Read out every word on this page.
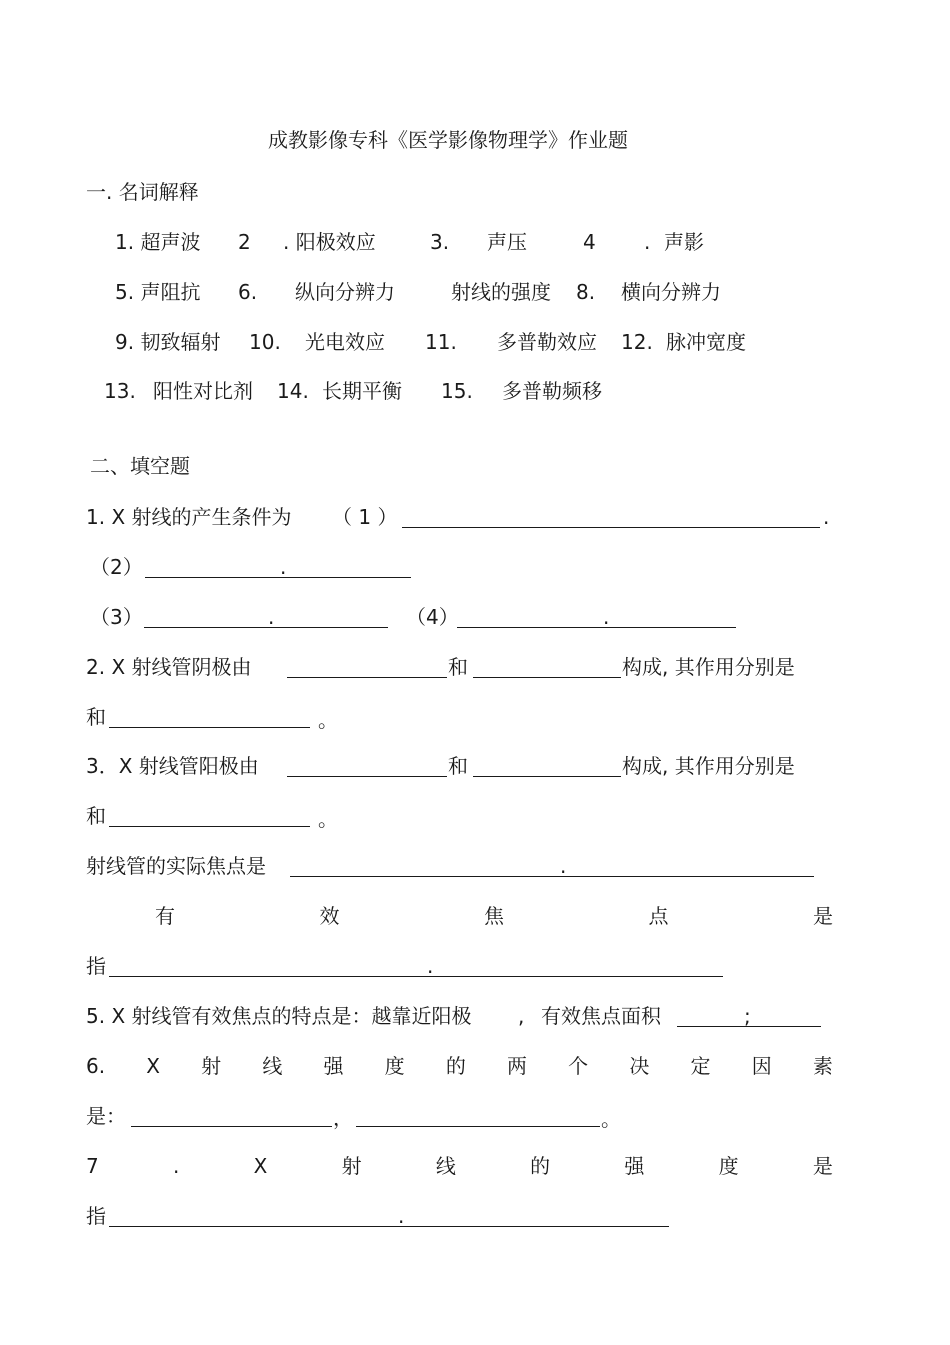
成教影像专科《医学影像物理学》作业题
一. 名词解释
1. 超声波 2 . 阳极效应	3. 声压	4 . 声影
5. 声阻抗 6. 纵向分辨力	射线的强度 8. 横向分辨力
9. 韧致辐射 10. 光电效应 11. 多普勒效应 12. 脉冲宽度
13. 阳性对比剂 14. 长期平衡 15. 多普勒频移
二、填空题
1. X 射线的产生条件为 （ 1 ）	.
（2）	.
（3）	.	（4）	.
2. X 射线管阴极由	和	构成, 其作用分别是
和	。
3．X 射线管阳极由	和	构成, 其作用分别是
和	。
射线管的实际焦点是	.
有	效	焦	点	是
指	.
5. X 射线管有效焦点的特点是：越靠近阳极 , 有效焦点面积	;
6. X 射 线 强 度 的 两 个 决 定 因 素
是：	，	。
7	.	X	射	线	的	强	度	是
指	.
